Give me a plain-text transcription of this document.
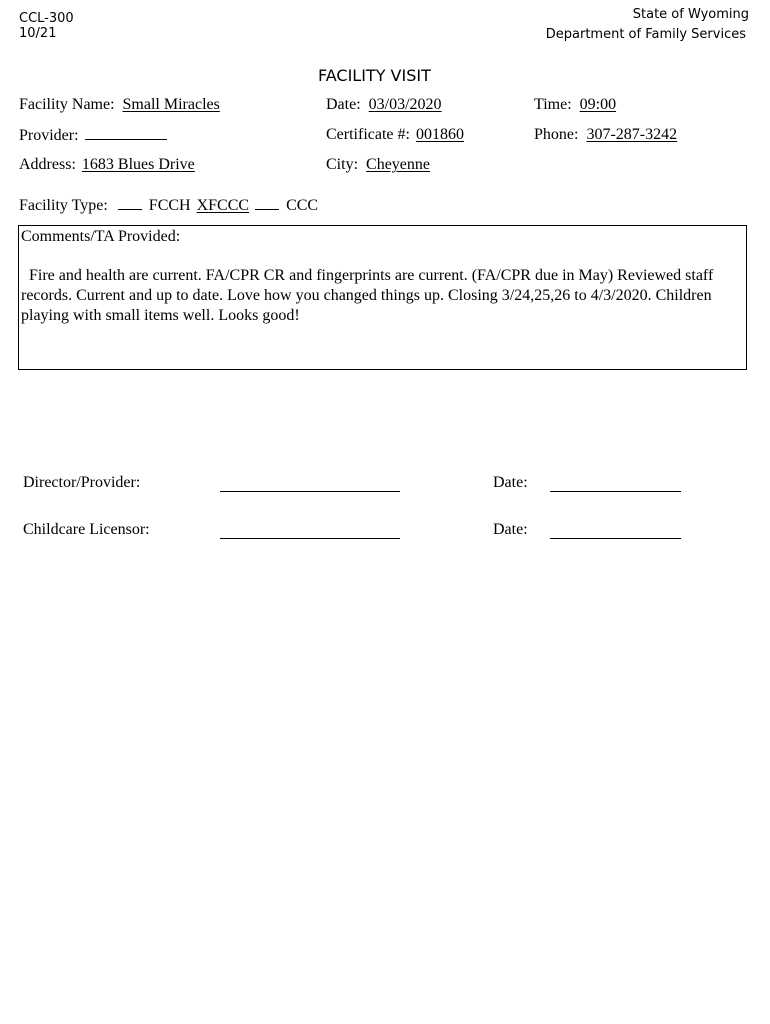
CCL-300
10/21
State of Wyoming
Department of Family Services
FACILITY VISIT
Facility Name: Small Miracles	Date: 03/03/2020	Time: 09:00
Provider:	Certificate #: 001860	Phone: 307-287-3242
Address: 1683 Blues Drive	City: Cheyenne
Facility Type:	FCCH XFCCC CCC
Comments/TA Provided:
Fire and health are current. FA/CPR CR and fingerprints are current. (FA/CPR due in May) Reviewed staff records. Current and up to date. Love how you changed things up. Closing 3/24,25,26 to 4/3/2020. Children playing with small items well. Looks good!
Director/Provider:	Date:
Childcare Licensor:	Date:
